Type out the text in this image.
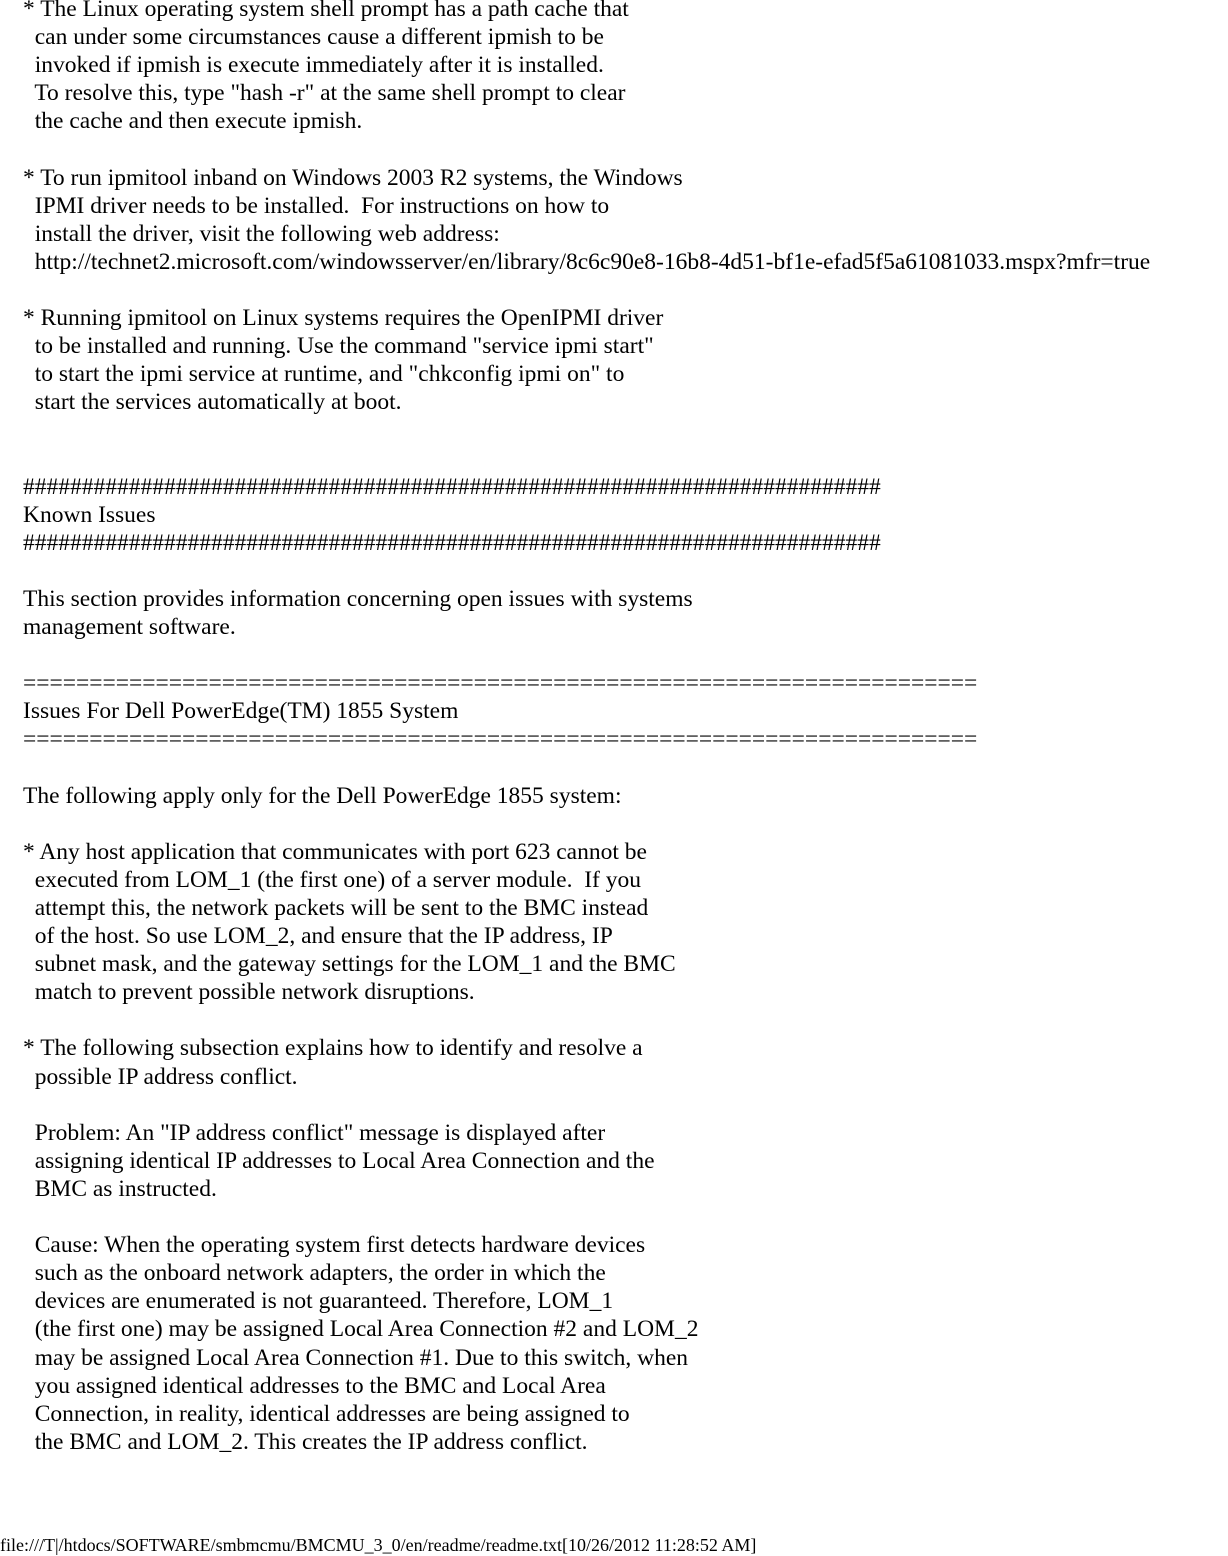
* The Linux operating system shell prompt has a path cache that
can under some circumstances cause a different ipmish to be
invoked if ipmish is execute immediately after it is installed.
To resolve this, type "hash -r" at the same shell prompt to clear
the cache and then execute ipmish.
* To run ipmitool inband on Windows 2003 R2 systems, the Windows
IPMI driver needs to be installed.  For instructions on how to
install the driver, visit the following web address:
http://technet2.microsoft.com/windowsserver/en/library/8c6c90e8-16b8-4d51-bf1e-efad5f5a61081033.mspx?mfr=true
* Running ipmitool on Linux systems requires the OpenIPMI driver
to be installed and running. Use the command "service ipmi start"
to start the ipmi service at runtime, and "chkconfig ipmi on" to
start the services automatically at boot.
#########################################################################
Known Issues
#########################################################################
This section provides information concerning open issues with systems
management software.
========================================================================
Issues For Dell PowerEdge(TM) 1855 System
========================================================================
The following apply only for the Dell PowerEdge 1855 system:
* Any host application that communicates with port 623 cannot be
executed from LOM_1 (the first one) of a server module.  If you
attempt this, the network packets will be sent to the BMC instead
of the host. So use LOM_2, and ensure that the IP address, IP
subnet mask, and the gateway settings for the LOM_1 and the BMC
match to prevent possible network disruptions.
* The following subsection explains how to identify and resolve a
possible IP address conflict.
Problem: An "IP address conflict" message is displayed after
assigning identical IP addresses to Local Area Connection and the
BMC as instructed.
Cause: When the operating system first detects hardware devices
such as the onboard network adapters, the order in which the
devices are enumerated is not guaranteed. Therefore, LOM_1
(the first one) may be assigned Local Area Connection #2 and LOM_2
may be assigned Local Area Connection #1. Due to this switch, when
you assigned identical addresses to the BMC and Local Area
Connection, in reality, identical addresses are being assigned to
the BMC and LOM_2. This creates the IP address conflict.
file:///T|/htdocs/SOFTWARE/smbmcmu/BMCMU_3_0/en/readme/readme.txt[10/26/2012 11:28:52 AM]
